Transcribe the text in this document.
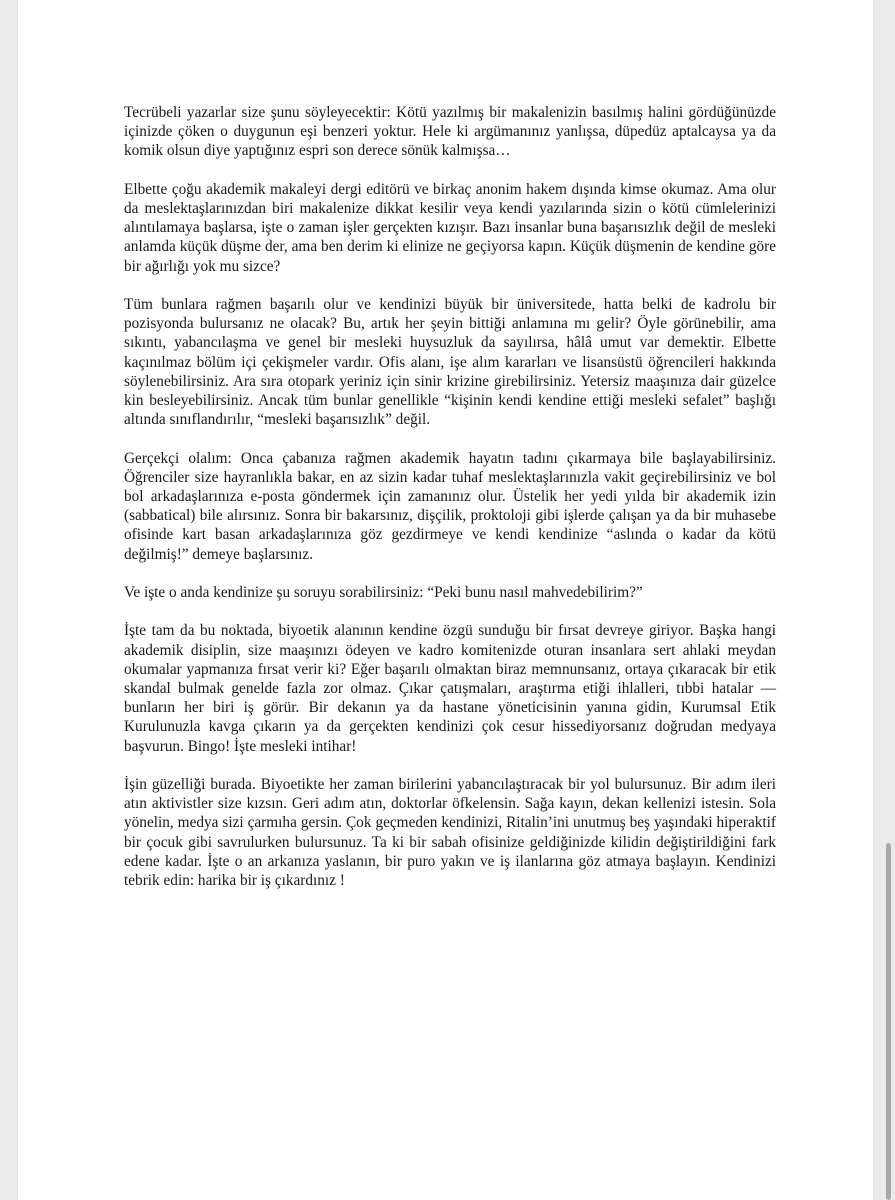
Tecrübeli yazarlar size şunu söyleyecektir: Kötü yazılmış bir makalenizin basılmış halini gördüğünüzde içinizde çöken o duygunun eşi benzeri yoktur. Hele ki argümanınız yanlışsa, düpedüz aptalcaysa ya da komik olsun diye yaptığınız espri son derece sönük kalmışsa…

Elbette çoğu akademik makaleyi dergi editörü ve birkaç anonim hakem dışında kimse okumaz. Ama olur da meslektaşlarınızdan biri makalenize dikkat kesilir veya kendi yazılarında sizin o kötü cümlelerinizi alıntılamaya başlarsa, işte o zaman işler gerçekten kızışır. Bazı insanlar buna başarısızlık değil de mesleki anlamda küçük düşme der, ama ben derim ki elinize ne geçiyorsa kapın. Küçük düşmenin de kendine göre bir ağırlığı yok mu sizce?

Tüm bunlara rağmen başarılı olur ve kendinizi büyük bir üniversitede, hatta belki de kadrolu bir pozisyonda bulursanız ne olacak? Bu, artık her şeyin bittiği anlamına mı gelir? Öyle görünebilir, ama sıkıntı, yabancılaşma ve genel bir mesleki huysuzluk da sayılırsa, hâlâ umut var demektir. Elbette kaçınılmaz bölüm içi çekişmeler vardır. Ofis alanı, işe alım kararları ve lisansüstü öğrencileri hakkında söylenebilirsiniz. Ara sıra otopark yeriniz için sinir krizine girebilirsiniz. Yetersiz maaşınıza dair güzelce kin besleyebilirsiniz. Ancak tüm bunlar genellikle “kişinin kendi kendine ettiği mesleki sefalet” başlığı altında sınıflandırılır, “mesleki başarısızlık” değil.

Gerçekçi olalım: Onca çabanıza rağmen akademik hayatın tadını çıkarmaya bile başlayabilirsiniz. Öğrenciler size hayranlıkla bakar, en az sizin kadar tuhaf meslektaşlarınızla vakit geçirebilirsiniz ve bol bol arkadaşlarınıza e-posta göndermek için zamanınız olur. Üstelik her yedi yılda bir akademik izin (sabbatical) bile alırsınız. Sonra bir bakarsınız, dişçilik, proktoloji gibi işlerde çalışan ya da bir muhasebe ofisinde kart basan arkadaşlarınıza göz gezdirmeye ve kendi kendinize “aslında o kadar da kötü değilmiş!” demeye başlarsınız.

Ve işte o anda kendinize şu soruyu sorabilirsiniz: “Peki bunu nasıl mahvedebilirim?”

İşte tam da bu noktada, biyoetik alanının kendine özgü sunduğu bir fırsat devreye giriyor. Başka hangi akademik disiplin, size maaşınızı ödeyen ve kadro komitenizde oturan insanlara sert ahlaki meydan okumalar yapmanıza fırsat verir ki? Eğer başarılı olmaktan biraz memnunsanız, ortaya çıkaracak bir etik skandal bulmak genelde fazla zor olmaz. Çıkar çatışmaları, araştırma etiği ihlalleri, tıbbi hatalar — bunların her biri iş görür. Bir dekanın ya da hastane yöneticisinin yanına gidin, Kurumsal Etik Kurulunuzla kavga çıkarın ya da gerçekten kendinizi çok cesur hissediyorsanız doğrudan medyaya başvurun. Bingo! İşte mesleki intihar!

İşin güzelliği burada. Biyoetikte her zaman birilerini yabancılaştıracak bir yol bulursunuz. Bir adım ileri atın aktivistler size kızsın. Geri adım atın, doktorlar öfkelensin. Sağa kayın, dekan kellenizi istesin. Sola yönelin, medya sizi çarmıha gersin. Çok geçmeden kendinizi, Ritalin’ini unutmuş beş yaşındaki hiperaktif bir çocuk gibi savrulurken bulursunuz. Ta ki bir sabah ofisinize geldiğinizde kilidin değiştirildiğini fark edene kadar. İşte o an arkanıza yaslanın, bir puro yakın ve iş ilanlarına göz atmaya başlayın. Kendinizi tebrik edin: harika bir iş çıkardınız !
